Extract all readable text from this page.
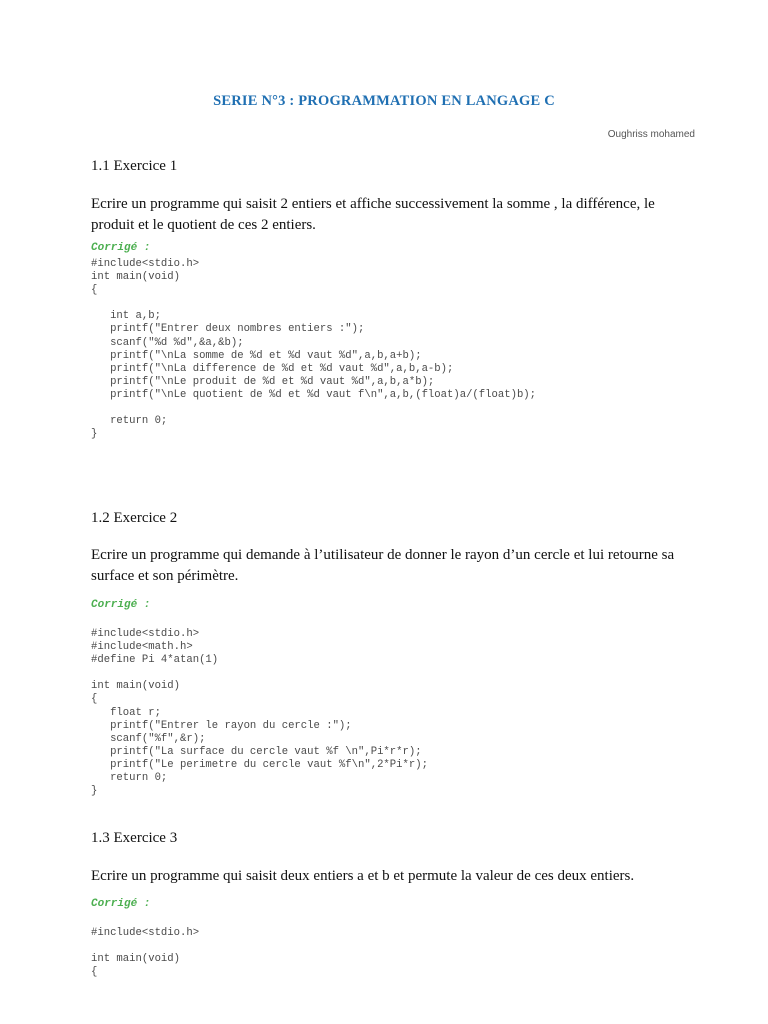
SERIE N°3 : PROGRAMMATION EN LANGAGE C
Oughriss mohamed
1.1 Exercice 1
Ecrire un programme qui saisit 2 entiers et affiche successivement la somme , la différence, le produit et le quotient de ces 2 entiers.
Corrigé :
#include<stdio.h>
int main(void)
{

int a,b;
printf("Entrer deux nombres entiers :");
scanf("%d %d",&a,&b);
printf("\nLa somme de %d et %d vaut %d",a,b,a+b);
printf("\nLa difference de %d et %d vaut %d",a,b,a-b);
printf("\nLe produit de %d et %d vaut %d",a,b,a*b);
printf("\nLe quotient de %d et %d vaut f\n",a,b,(float)a/(float)b);

return 0;
}
1.2 Exercice 2
Ecrire un programme qui demande à l’utilisateur de donner le rayon d’un cercle et lui retourne sa surface et son périmètre.
Corrigé :
#include<stdio.h>
#include<math.h>
#define Pi 4*atan(1)

int main(void)
{
float r;
printf("Entrer le rayon du cercle :");
scanf("%f",&r);
printf("La surface du cercle vaut %f \n",Pi*r*r);
printf("Le perimetre du cercle vaut %f\n",2*Pi*r);
return 0;
}
1.3 Exercice 3
Ecrire un programme qui saisit deux entiers a et b et permute la valeur de ces deux entiers.
Corrigé :
#include<stdio.h>

int main(void)
{
